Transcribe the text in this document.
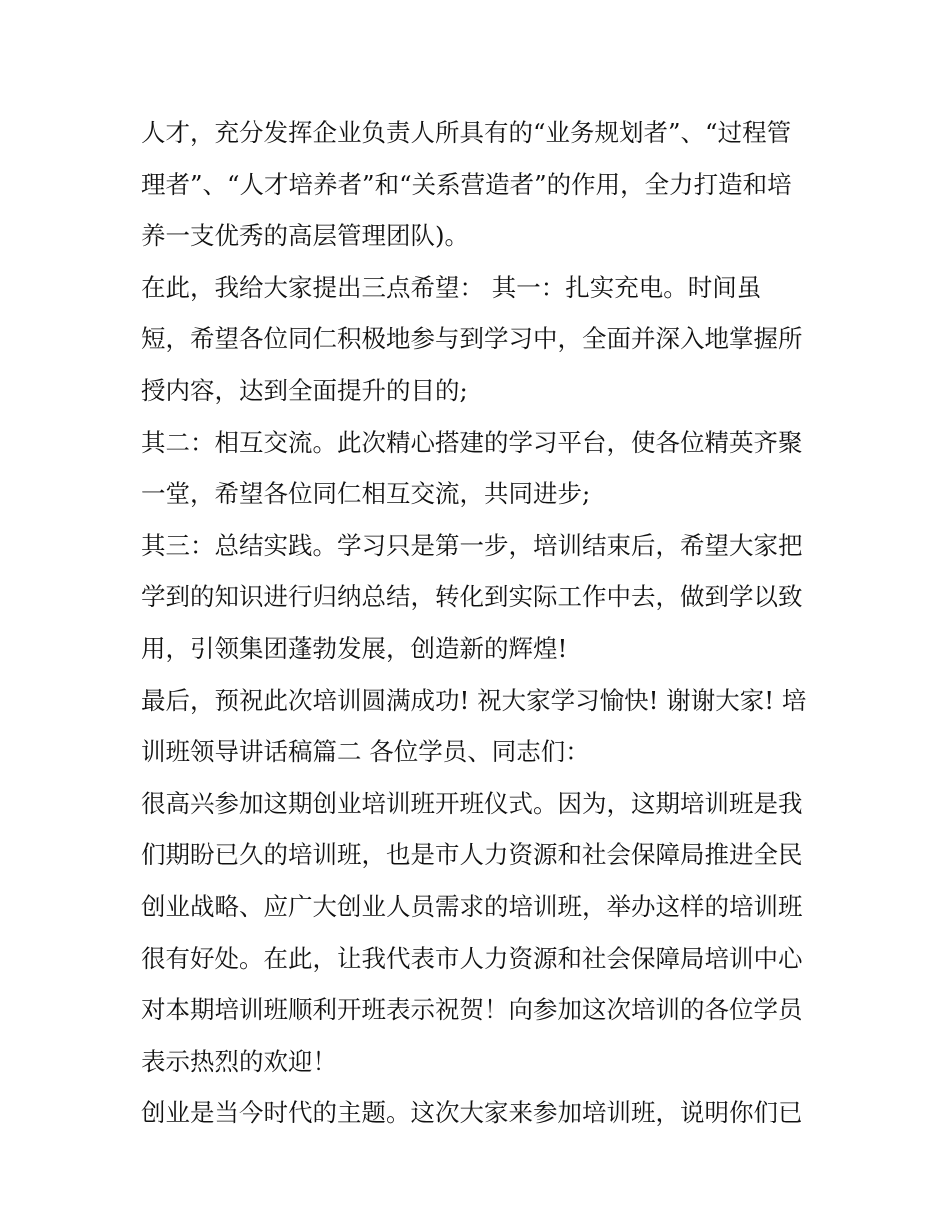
人才，充分发挥企业负责人所具有的“业务规划者”、“过程管
理者”、“人才培养者”和“关系营造者”的作用，全力打造和培
养一支优秀的高层管理团队)。
在此，我给大家提出三点希望： 其一：扎实充电。时间虽
短，希望各位同仁积极地参与到学习中，全面并深入地掌握所
授内容，达到全面提升的目的;
其二：相互交流。此次精心搭建的学习平台，使各位精英齐聚
一堂，希望各位同仁相互交流，共同进步;
其三：总结实践。学习只是第一步，培训结束后，希望大家把
学到的知识进行归纳总结，转化到实际工作中去，做到学以致
用，引领集团蓬勃发展，创造新的辉煌!
最后，预祝此次培训圆满成功! 祝大家学习愉快! 谢谢大家! 培
训班领导讲话稿篇二 各位学员、同志们：
很高兴参加这期创业培训班开班仪式。因为，这期培训班是我
们期盼已久的培训班，也是市人力资源和社会保障局推进全民
创业战略、应广大创业人员需求的培训班，举办这样的培训班
很有好处。在此，让我代表市人力资源和社会保障局培训中心
对本期培训班顺利开班表示祝贺！向参加这次培训的各位学员
表示热烈的欢迎！
创业是当今时代的主题。这次大家来参加培训班，说明你们已
